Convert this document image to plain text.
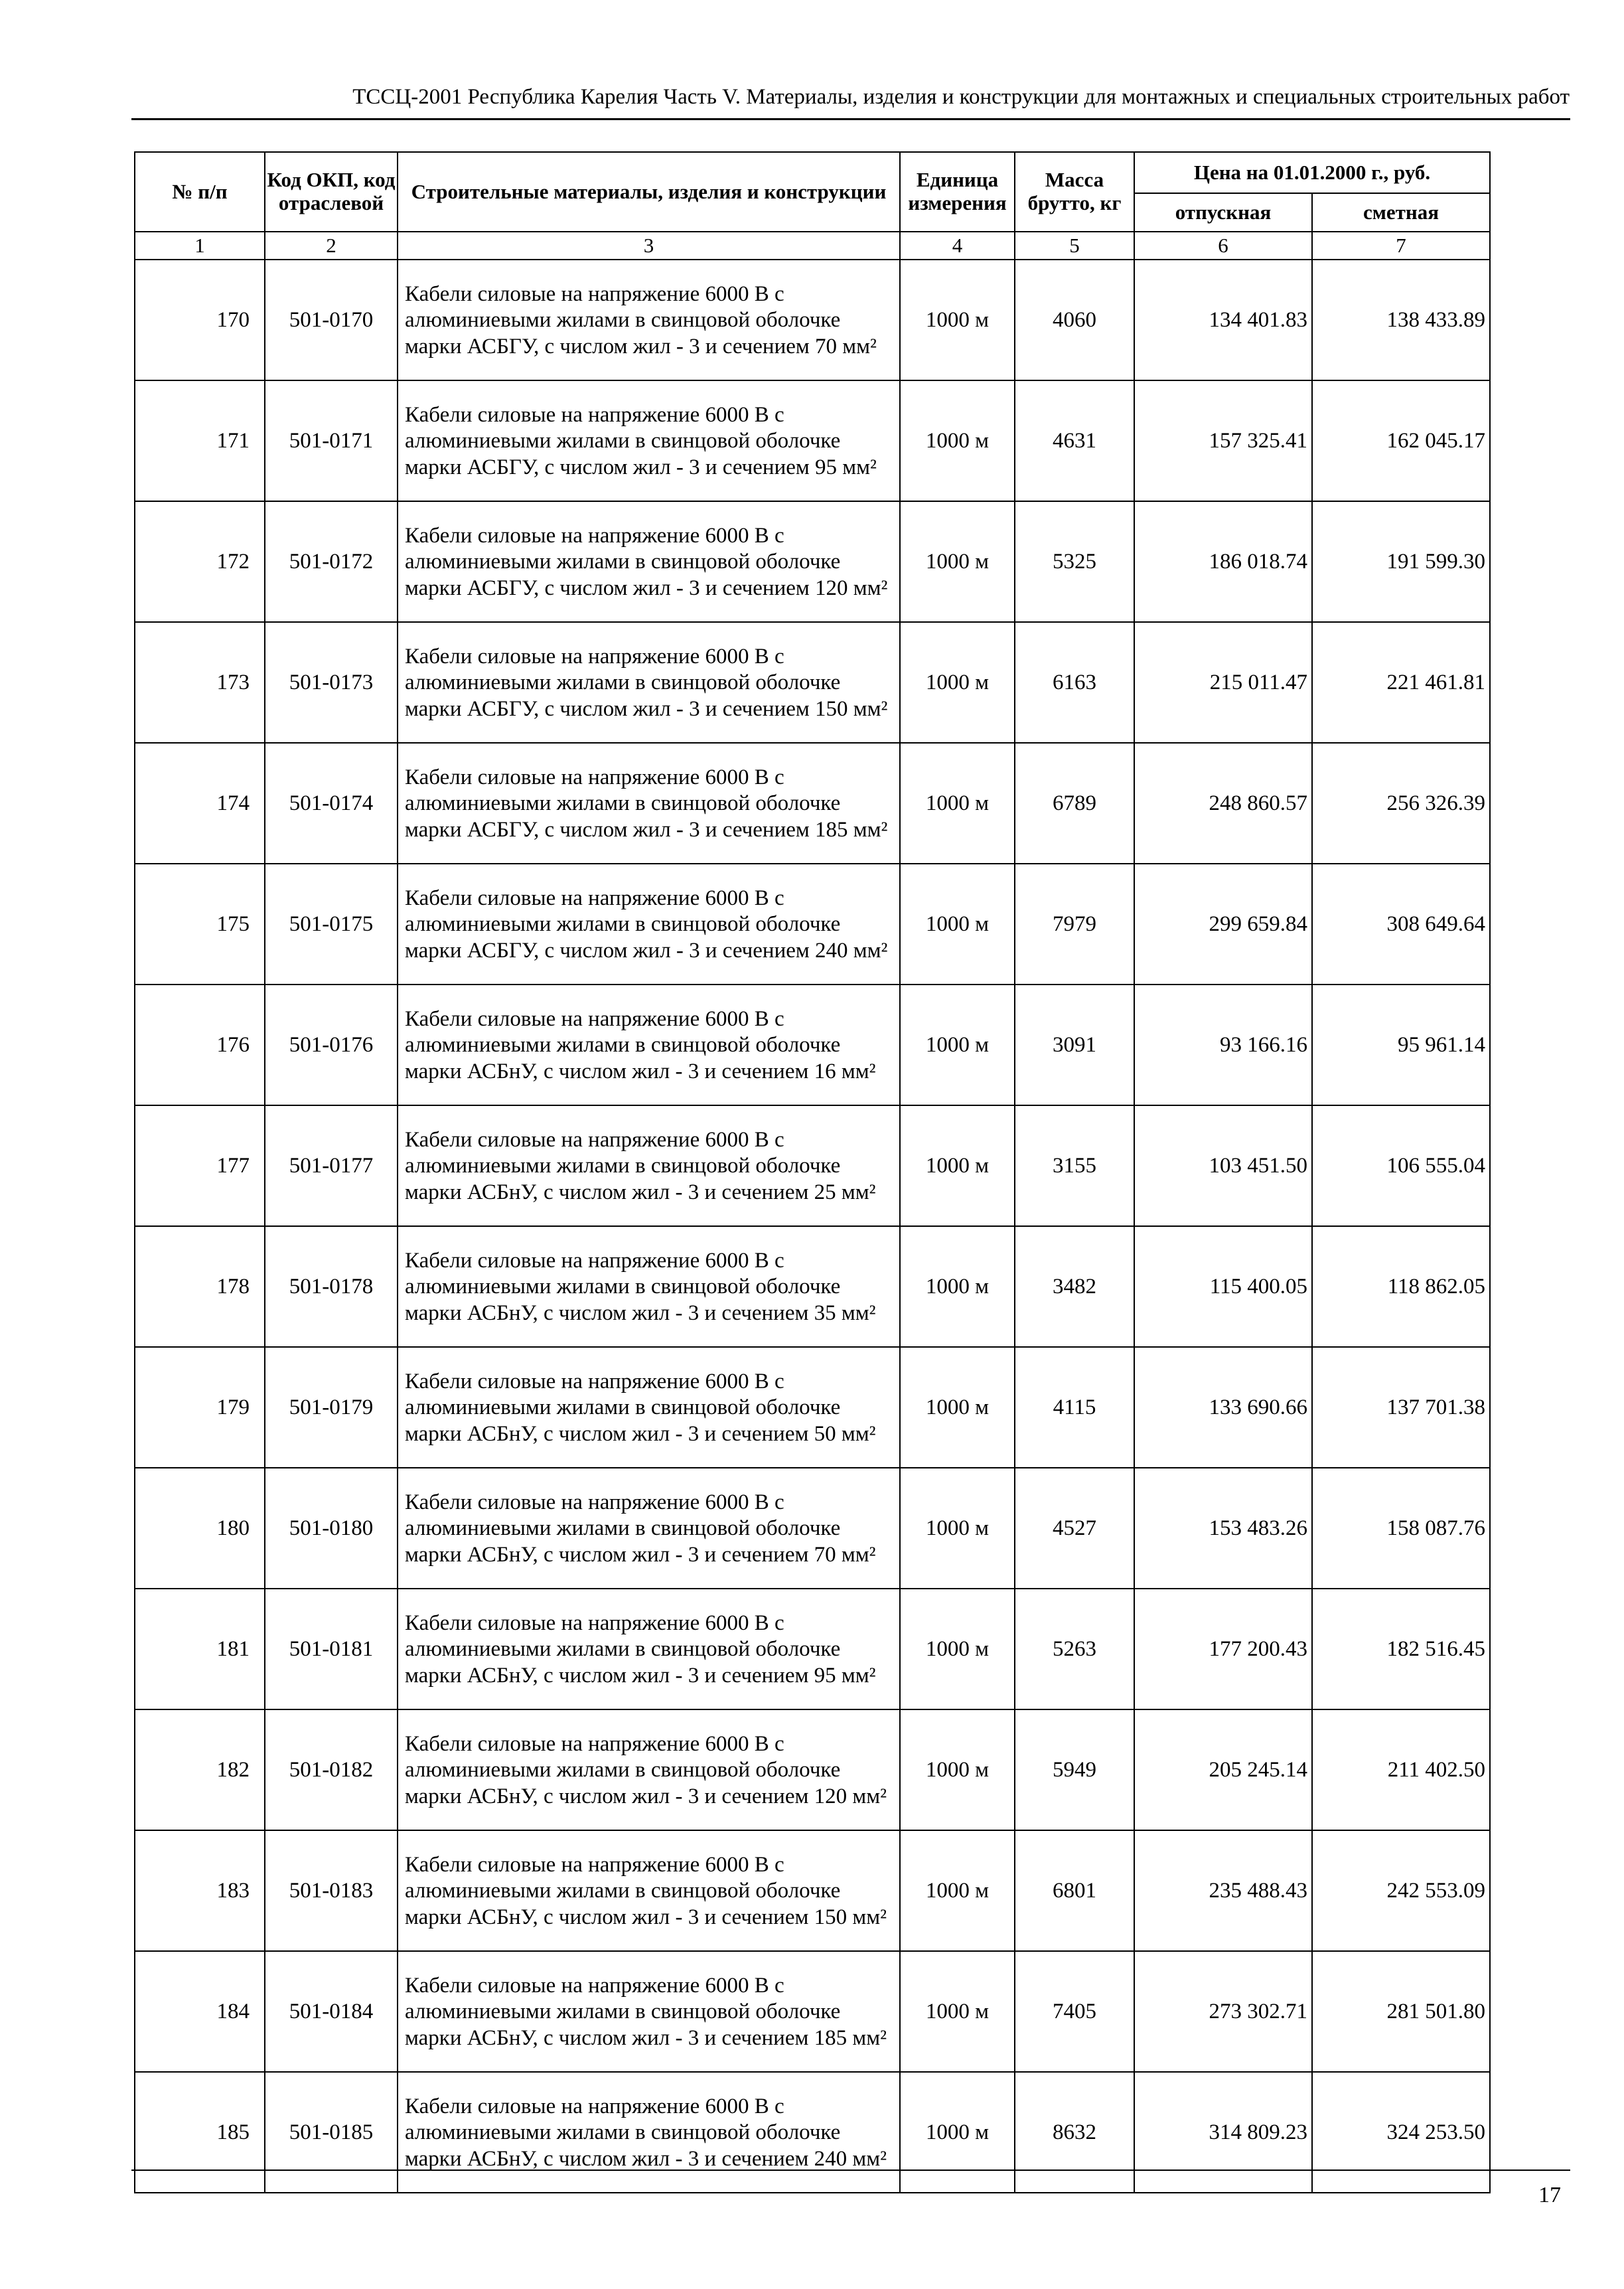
ТССЦ-2001 Республика Карелия Часть V. Материалы, изделия и конструкции для монтажных и специальных строительных работ
№ п/п	Код ОКП, код отраслевой	Строительные материалы, изделия и конструкции	Единица измерения	Масса брутто, кг	Цена на 01.01.2000 г., руб.	
					отпускная	сметная
1	2	3	4	5	6	7
170	501-0170	Кабели силовые на напряжение 6000 В с алюминиевыми жилами в свинцовой оболочке марки АСБГУ, с числом жил - 3 и сечением 70 мм²	1000 м	4060	134 401.83	138 433.89
171	501-0171	Кабели силовые на напряжение 6000 В с алюминиевыми жилами в свинцовой оболочке марки АСБГУ, с числом жил - 3 и сечением 95 мм²	1000 м	4631	157 325.41	162 045.17
172	501-0172	Кабели силовые на напряжение 6000 В с алюминиевыми жилами в свинцовой оболочке марки АСБГУ, с числом жил - 3 и сечением 120 мм²	1000 м	5325	186 018.74	191 599.30
173	501-0173	Кабели силовые на напряжение 6000 В с алюминиевыми жилами в свинцовой оболочке марки АСБГУ, с числом жил - 3 и сечением 150 мм²	1000 м	6163	215 011.47	221 461.81
174	501-0174	Кабели силовые на напряжение 6000 В с алюминиевыми жилами в свинцовой оболочке марки АСБГУ, с числом жил - 3 и сечением 185 мм²	1000 м	6789	248 860.57	256 326.39
175	501-0175	Кабели силовые на напряжение 6000 В с алюминиевыми жилами в свинцовой оболочке марки АСБГУ, с числом жил - 3 и сечением 240 мм²	1000 м	7979	299 659.84	308 649.64
176	501-0176	Кабели силовые на напряжение 6000 В с алюминиевыми жилами в свинцовой оболочке марки АСБнУ, с числом жил - 3 и сечением 16 мм²	1000 м	3091	93 166.16	95 961.14
177	501-0177	Кабели силовые на напряжение 6000 В с алюминиевыми жилами в свинцовой оболочке марки АСБнУ, с числом жил - 3 и сечением 25 мм²	1000 м	3155	103 451.50	106 555.04
178	501-0178	Кабели силовые на напряжение 6000 В с алюминиевыми жилами в свинцовой оболочке марки АСБнУ, с числом жил - 3 и сечением 35 мм²	1000 м	3482	115 400.05	118 862.05
179	501-0179	Кабели силовые на напряжение 6000 В с алюминиевыми жилами в свинцовой оболочке марки АСБнУ, с числом жил - 3 и сечением 50 мм²	1000 м	4115	133 690.66	137 701.38
180	501-0180	Кабели силовые на напряжение 6000 В с алюминиевыми жилами в свинцовой оболочке марки АСБнУ, с числом жил - 3 и сечением 70 мм²	1000 м	4527	153 483.26	158 087.76
181	501-0181	Кабели силовые на напряжение 6000 В с алюминиевыми жилами в свинцовой оболочке марки АСБнУ, с числом жил - 3 и сечением 95 мм²	1000 м	5263	177 200.43	182 516.45
182	501-0182	Кабели силовые на напряжение 6000 В с алюминиевыми жилами в свинцовой оболочке марки АСБнУ, с числом жил - 3 и сечением 120 мм²	1000 м	5949	205 245.14	211 402.50
183	501-0183	Кабели силовые на напряжение 6000 В с алюминиевыми жилами в свинцовой оболочке марки АСБнУ, с числом жил - 3 и сечением 150 мм²	1000 м	6801	235 488.43	242 553.09
184	501-0184	Кабели силовые на напряжение 6000 В с алюминиевыми жилами в свинцовой оболочке марки АСБнУ, с числом жил - 3 и сечением 185 мм²	1000 м	7405	273 302.71	281 501.80
185	501-0185	Кабели силовые на напряжение 6000 В с алюминиевыми жилами в свинцовой оболочке марки АСБнУ, с числом жил - 3 и сечением 240 мм²	1000 м	8632	314 809.23	324 253.50
17
